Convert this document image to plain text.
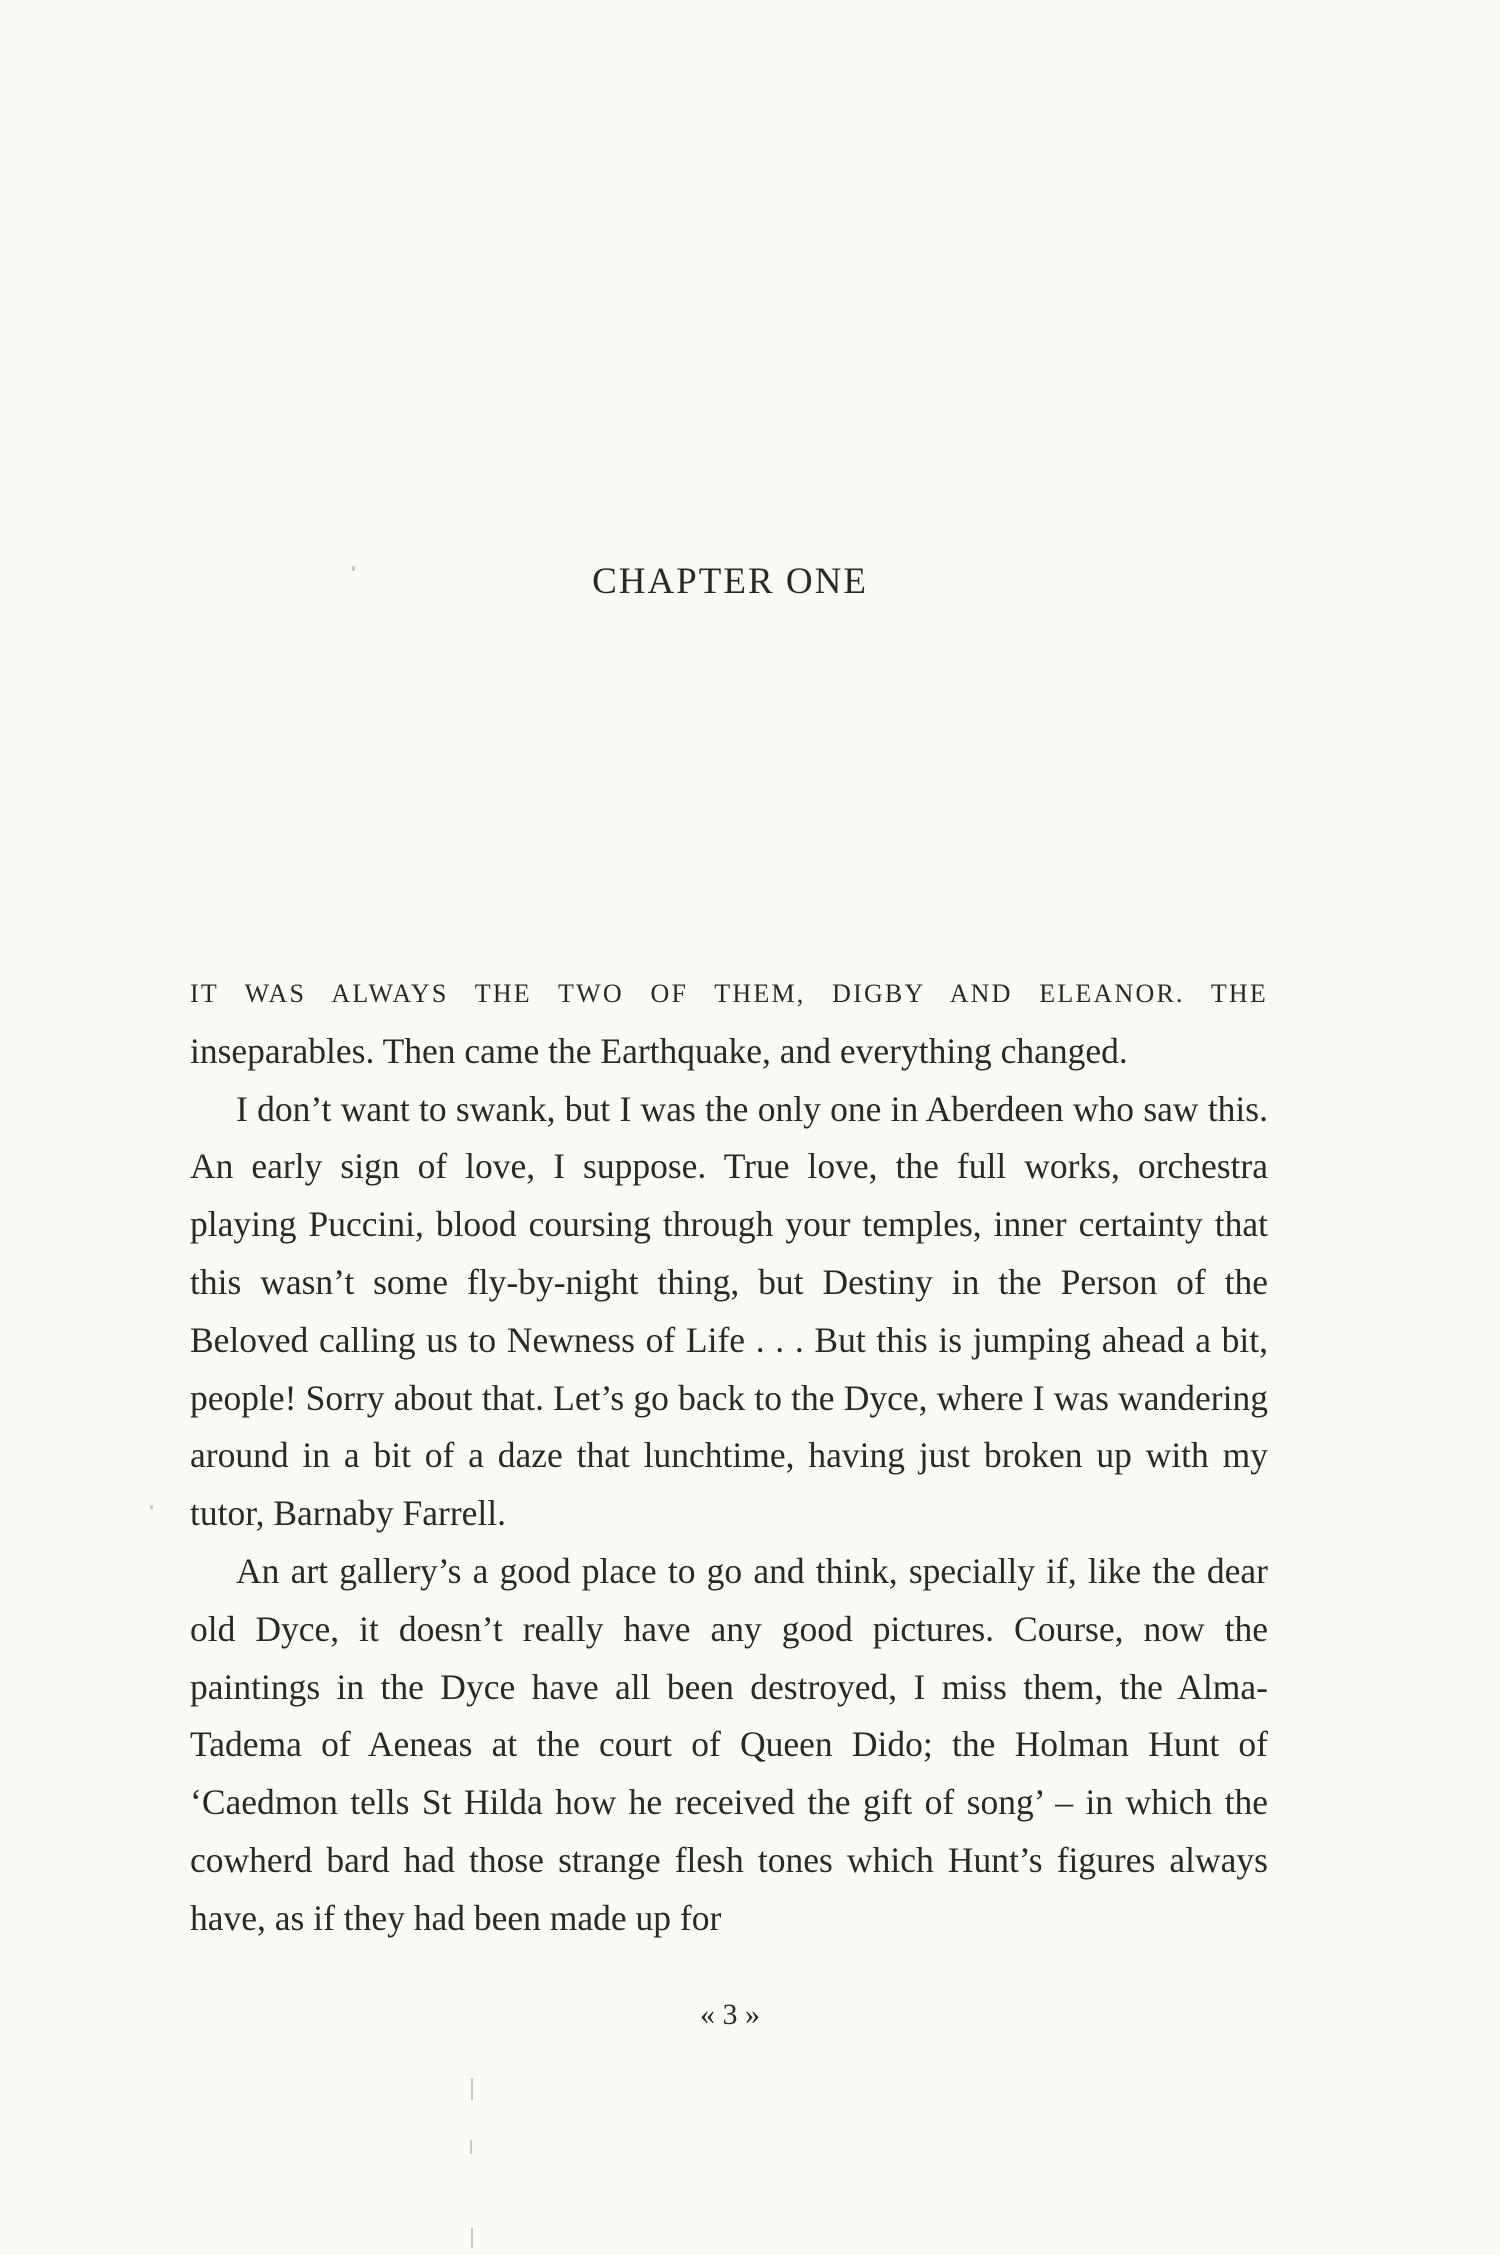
CHAPTER ONE

IT WAS ALWAYS THE TWO OF THEM, DIGBY AND ELEANOR. THE inseparables. Then came the Earthquake, and everything changed.

I don’t want to swank, but I was the only one in Aberdeen who saw this. An early sign of love, I suppose. True love, the full works, orchestra playing Puccini, blood coursing through your temples, inner certainty that this wasn’t some fly-by-night thing, but Destiny in the Person of the Beloved calling us to Newness of Life . . . But this is jumping ahead a bit, people! Sorry about that. Let’s go back to the Dyce, where I was wandering around in a bit of a daze that lunchtime, having just broken up with my tutor, Barnaby Farrell.

An art gallery’s a good place to go and think, specially if, like the dear old Dyce, it doesn’t really have any good pictures. Course, now the paintings in the Dyce have all been destroyed, I miss them, the Alma-Tadema of Aeneas at the court of Queen Dido; the Holman Hunt of ‘Caedmon tells St Hilda how he received the gift of song’ – in which the cowherd bard had those strange flesh tones which Hunt’s figures always have, as if they had been made up for

« 3 »
